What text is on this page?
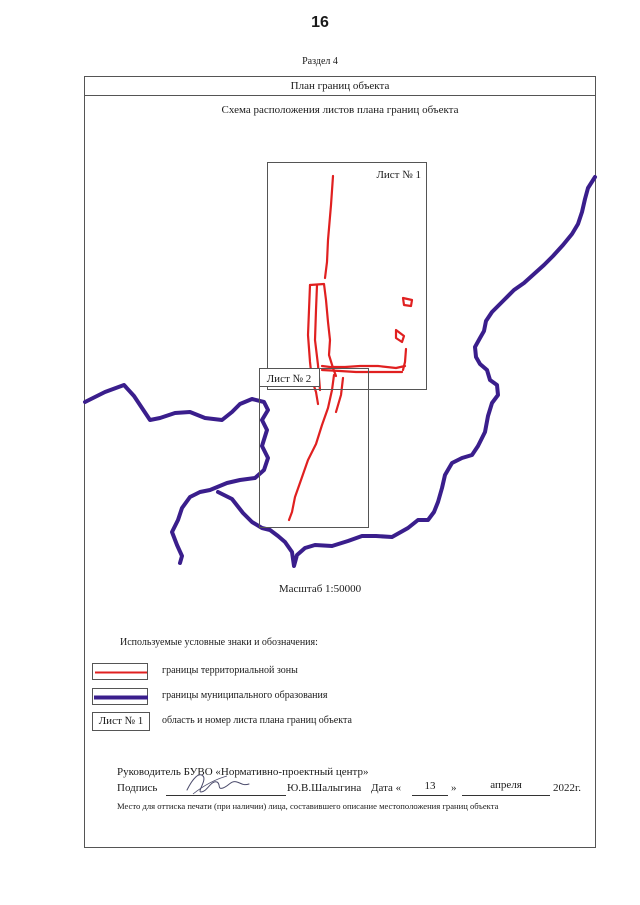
16
Раздел 4
План границ объекта
Схема расположения листов плана границ объекта
Лист № 1
Лист № 2
Масштаб 1:50000
Используемые условные знаки и обозначения:
границы территориальной зоны
границы муниципального образования
Лист № 1	область и номер листа плана границ объекта
Руководитель БУВО «Нормативно-проектный центр»
Подпись	Ю.В.Шалыгина Дата «	13	»	апреля	2022г.
Место для оттиска печати (при наличии) лица, составившего описание местоположения границ объекта
